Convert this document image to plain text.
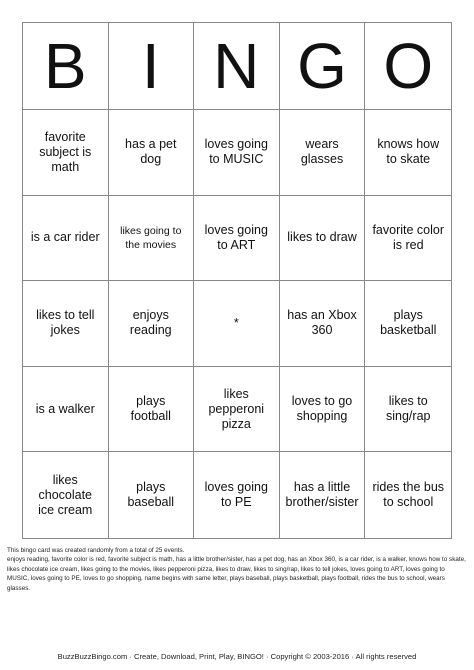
B I N G O
favorite subject is math
has a pet dog
loves going to MUSIC
wears glasses
knows how to skate
is a car rider	likes going to the movies
loves going to ART
likes to draw
favorite color is red
likes to tell jokes
enjoys reading
*
has an Xbox 360
plays basketball
is a walker
plays football
likes pepperoni pizza
loves to go shopping
likes to sing/rap
likes chocolate ice cream
plays baseball
loves going to PE
has a little brother/sister
rides the bus to school
This bingo card was created randomly from a total of 25 events.
enjoys reading, favorite color is red, favorite subject is math, has a little brother/sister, has a pet dog, has an Xbox 360, is a car rider, is a walker, knows how to skate, likes chocolate ice cream, likes going to the movies, likes pepperoni pizza, likes to draw, likes to sing/rap, likes to tell jokes, loves going to ART, loves going to MUSIC, loves going to PE, loves to go shopping, name begins with same letter, plays baseball, plays basketball, plays football, rides the bus to school, wears glasses.
BuzzBuzzBingo.com · Create, Download, Print, Play, BINGO! · Copyright © 2003-2016 · All rights reserved
